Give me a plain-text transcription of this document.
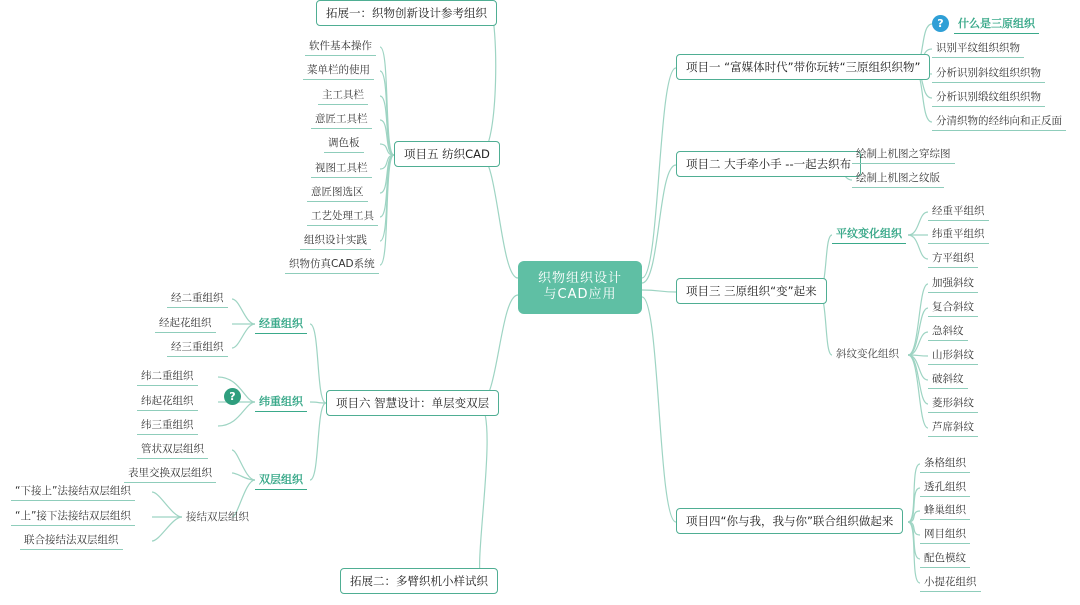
织物组织设计
与CAD应用
项目一 “富媒体时代”带你玩转“三原组织织物”
?	什么是三原组织
识别平纹组织织物
分析识别斜纹组织织物
分析识别缎纹组织织物
分清织物的经纬向和正反面
项目二 大手牵小手 --一起去织布
绘制上机图之穿综图
绘制上机图之纹版
项目三 三原组织“变”起来
平纹变化组织
经重平组织
纬重平组织
方平组织
斜纹变化组织
加强斜纹
复合斜纹
急斜纹
山形斜纹
破斜纹
菱形斜纹
芦席斜纹
项目四“你与我，我与你”联合组织做起来
条格组织
透孔组织
蜂巢组织
网目组织
配色模纹
小提花组织
项目五 纺织CAD
软件基本操作
菜单栏的使用
主工具栏
意匠工具栏
调色板
视图工具栏
意匠图选区
工艺处理工具
组织设计实践
织物仿真CAD系统
项目六 智慧设计：单层变双层
?
经重组织
经二重组织
经起花组织
经三重组织
纬重组织
纬二重组织
纬起花组织
纬三重组织
双层组织
管状双层组织
表里交换双层组织
接结双层组织
“下接上”法接结双层组织
“上”接下法接结双层组织
联合接结法双层组织
拓展一：织物创新设计参考组织
拓展二：多臂织机小样试织
